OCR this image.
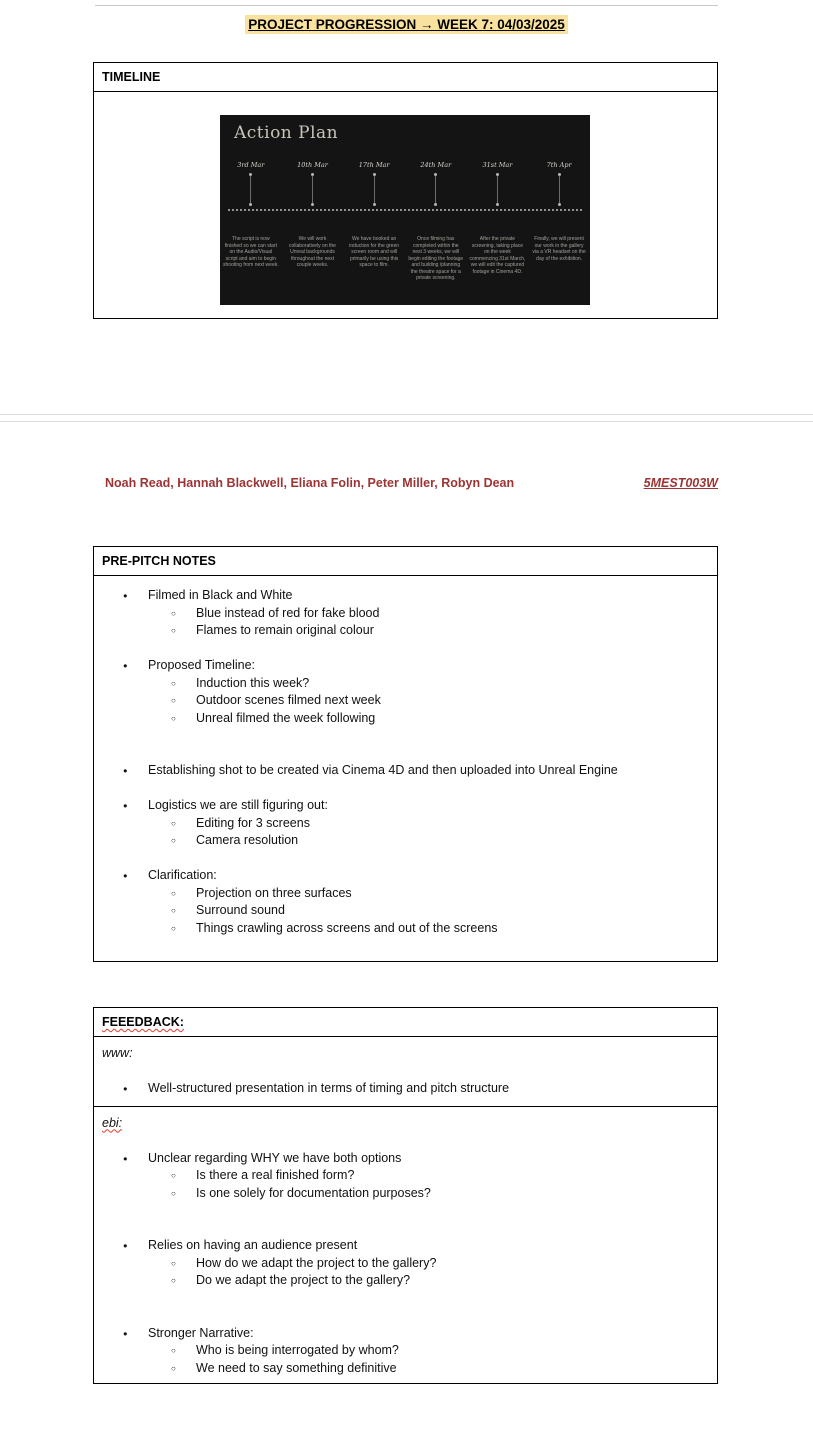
PROJECT PROGRESSION → WEEK 7: 04/03/2025
TIMELINE
Action Plan
3rd Mar
The script is now finished so we can start on the Audio/Visual script and aim to begin shooting from next week.
10th Mar
We will work collaboratively on the Unreal backgrounds throughout the next couple weeks.
17th Mar
We have booked an induction for the green screen room and will primarily be using this space to film.
24th Mar
Once filming has completed within the next 3 weeks, we will begin editing the footage and building /planning the theatre space for a private screening.
31st Mar
After the private screening, taking place on the week commencing 31st March, we will edit the captured footage in Cinema 4D.
7th Apr
Finally, we will present our work in the gallery via a VR headset on the day of the exhibition.
Noah Read, Hannah Blackwell, Eliana Folin, Peter Miller, Robyn Dean	5MEST003W
PRE-PITCH NOTES
● Filmed in Black and White
○ Blue instead of red for fake blood
○ Flames to remain original colour
● Proposed Timeline:
○ Induction this week?
○ Outdoor scenes filmed next week
○ Unreal filmed the week following
● Establishing shot to be created via Cinema 4D and then uploaded into Unreal Engine
● Logistics we are still figuring out:
○ Editing for 3 screens
○ Camera resolution
● Clarification:
○ Projection on three surfaces
○ Surround sound
○ Things crawling across screens and out of the screens
FEEEDBACK:
www:
● Well-structured presentation in terms of timing and pitch structure
ebi:
● Unclear regarding WHY we have both options
○ Is there a real finished form?
○ Is one solely for documentation purposes?
● Relies on having an audience present
○ How do we adapt the project to the gallery?
○ Do we adapt the project to the gallery?
● Stronger Narrative:
○ Who is being interrogated by whom?
○ We need to say something definitive
